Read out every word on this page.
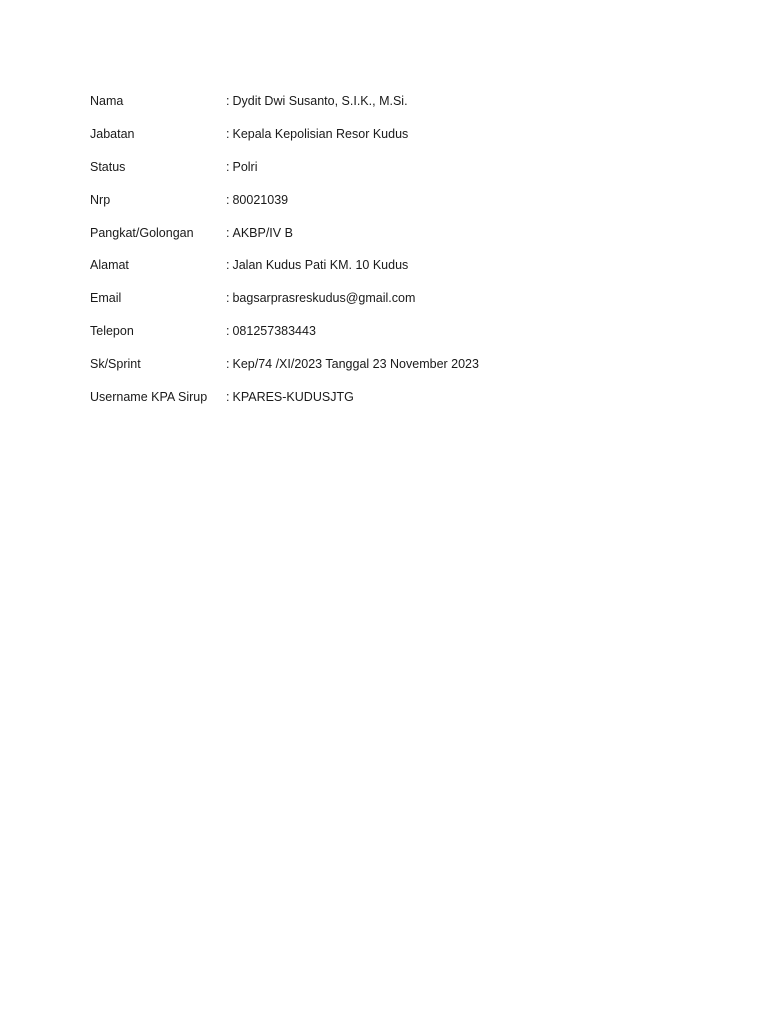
Nama	: Dydit Dwi Susanto, S.I.K., M.Si.
Jabatan	: Kepala Kepolisian Resor Kudus
Status	: Polri
Nrp	: 80021039
Pangkat/Golongan	: AKBP/IV B
Alamat	: Jalan Kudus Pati KM. 10 Kudus
Email	: bagsarprasreskudus@gmail.com
Telepon	: 081257383443
Sk/Sprint	: Kep/74 /XI/2023 Tanggal 23 November 2023
Username KPA Sirup	: KPARES-KUDUSJTG
